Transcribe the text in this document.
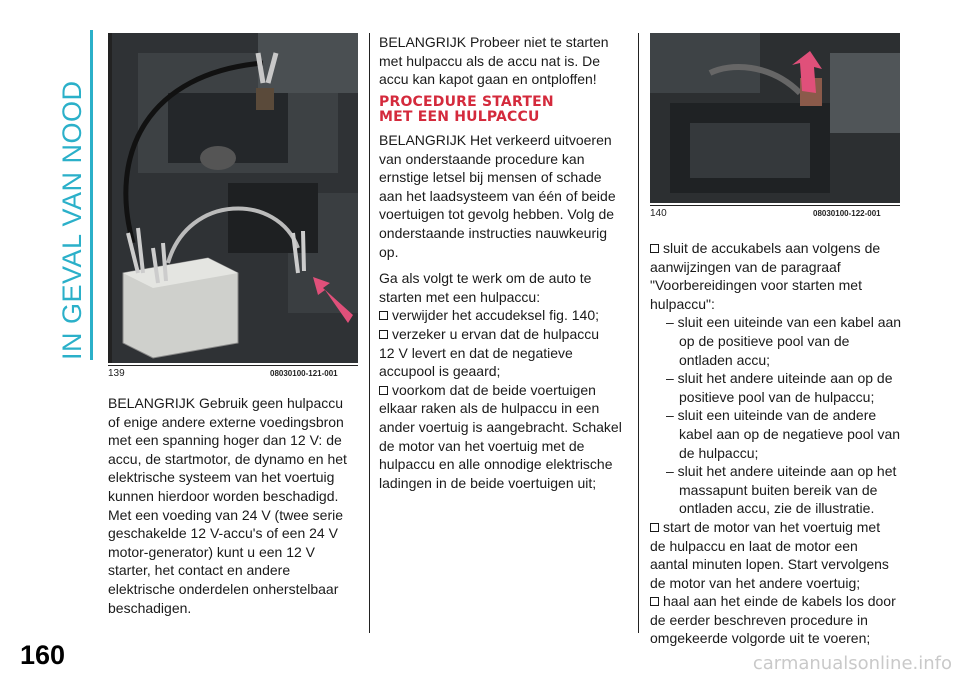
IN GEVAL VAN NOOD
160
139	08030100-121-001
140	08030100-122-001
BELANGRIJK Gebruik geen hulpaccu
of enige andere externe voedingsbron
met een spanning hoger dan 12 V: de
accu, de startmotor, de dynamo en het
elektrische systeem van het voertuig
kunnen hierdoor worden beschadigd.
Met een voeding van 24 V (twee serie
geschakelde 12 V-accu's of een 24 V
motor-generator) kunt u een 12 V
starter, het contact en andere
elektrische onderdelen onherstelbaar
beschadigen.
BELANGRIJK Probeer niet te starten
met hulpaccu als de accu nat is. De
accu kan kapot gaan en ontploffen!
PROCEDURE STARTEN
MET EEN HULPACCU
BELANGRIJK Het verkeerd uitvoeren
van onderstaande procedure kan
ernstige letsel bij mensen of schade
aan het laadsysteem van één of beide
voertuigen tot gevolg hebben. Volg de
onderstaande instructies nauwkeurig
op.
Ga als volgt te werk om de auto te
starten met een hulpaccu:
verwijder het accudeksel fig. 140;
verzeker u ervan dat de hulpaccu
12 V levert en dat de negatieve
accupool is geaard;
voorkom dat de beide voertuigen
elkaar raken als de hulpaccu in een
ander voertuig is aangebracht. Schakel
de motor van het voertuig met de
hulpaccu en alle onnodige elektrische
ladingen in de beide voertuigen uit;
sluit de accukabels aan volgens de
aanwijzingen van de paragraaf
"Voorbereidingen voor starten met
hulpaccu":
– sluit een uiteinde van een kabel aan
op de positieve pool van de
ontladen accu;
– sluit het andere uiteinde aan op de
positieve pool van de hulpaccu;
– sluit een uiteinde van de andere
kabel aan op de negatieve pool van
de hulpaccu;
– sluit het andere uiteinde aan op het
massapunt buiten bereik van de
ontladen accu, zie de illustratie.
start de motor van het voertuig met
de hulpaccu en laat de motor een
aantal minuten lopen. Start vervolgens
de motor van het andere voertuig;
haal aan het einde de kabels los door
de eerder beschreven procedure in
omgekeerde volgorde uit te voeren;
carmanualsonline.info
